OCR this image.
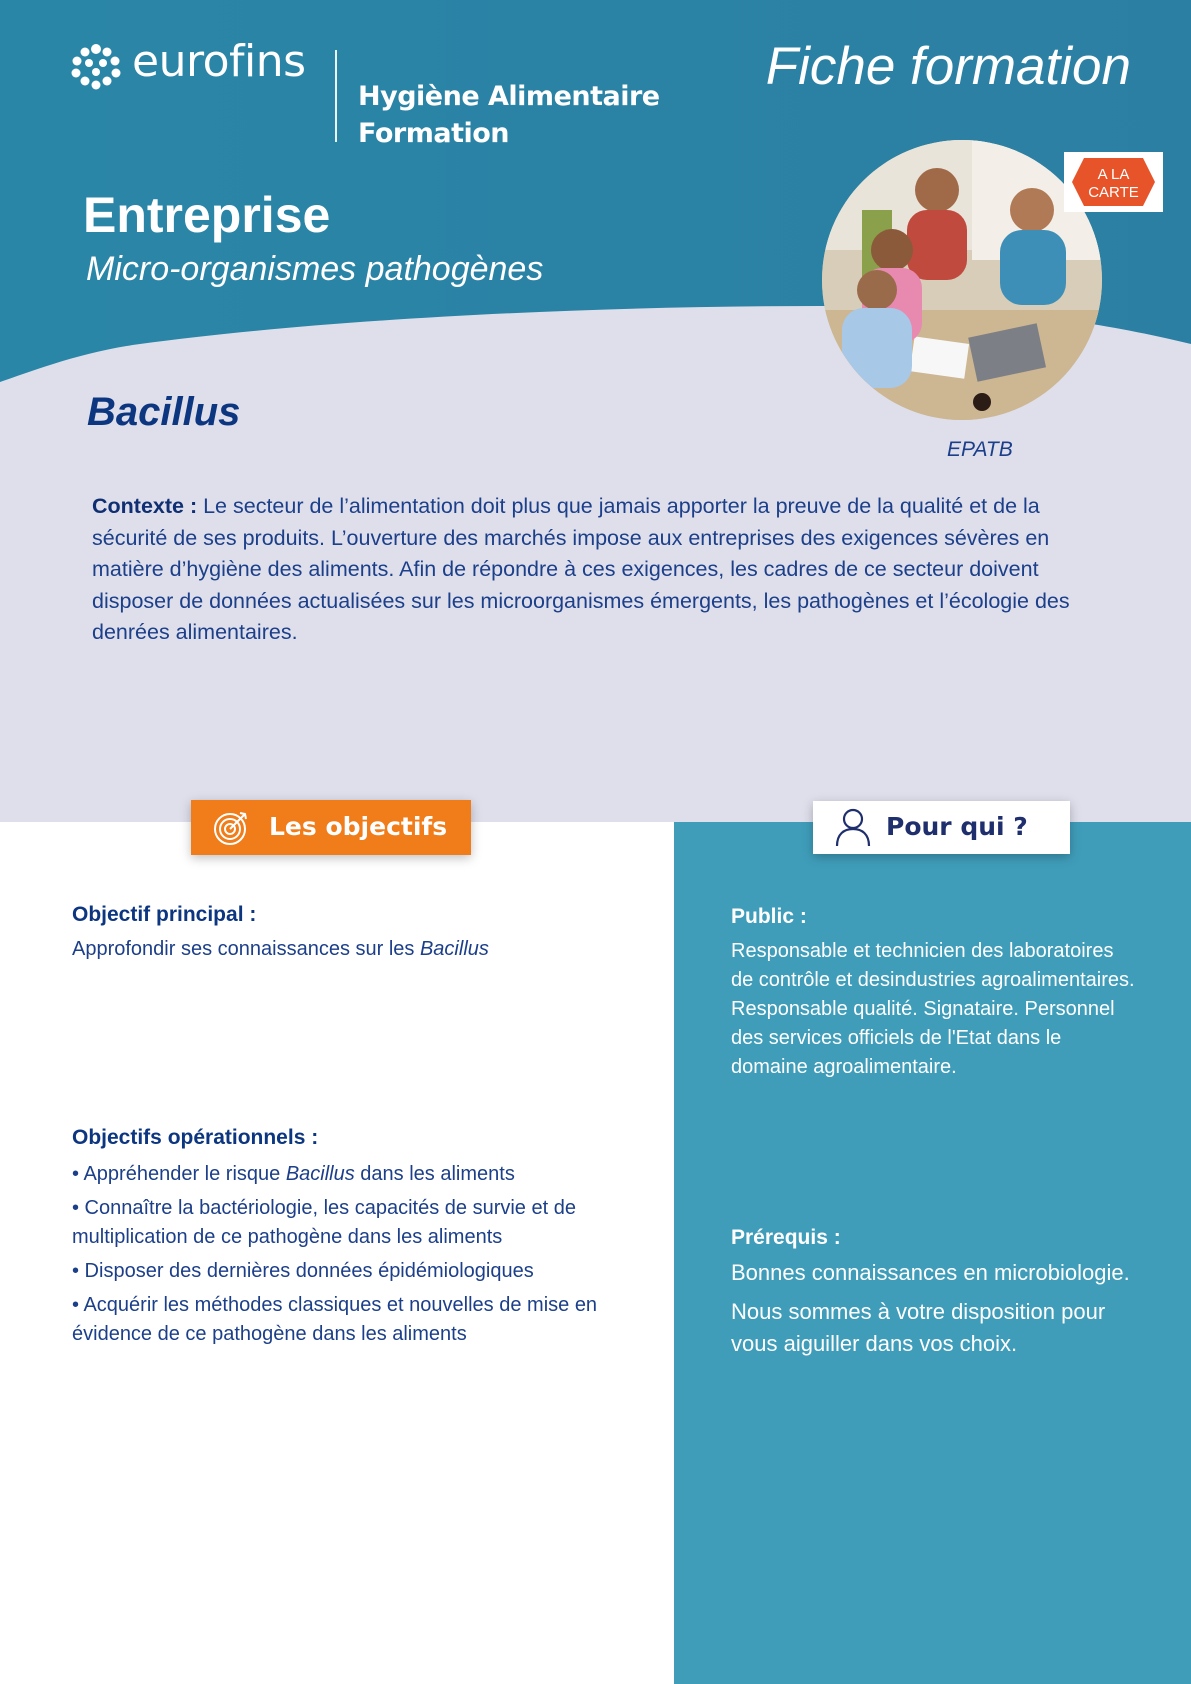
eurofins
Hygiène Alimentaire
Formation
Fiche formation
Entreprise
Micro-organismes pathogènes
A LA
CARTE
EPATB
Bacillus

Contexte : Le secteur de l’alimentation doit plus que jamais apporter la preuve de la qualité et de la sécurité de ses produits. L’ouverture des marchés impose aux entreprises des exigences sévères en matière d’hygiène des aliments. Afin de répondre à ces exigences, les cadres de ce secteur doivent disposer de données actualisées sur les microorganismes émergents, les pathogènes et l’écologie des denrées alimentaires.

Les objectifs	Pour qui ?
Objectif principal :
Approfondir ses connaissances sur les Bacillus
Objectifs opérationnels :
• Appréhender le risque Bacillus dans les aliments
• Connaître la bactériologie, les capacités de survie et de multiplication de ce pathogène dans les aliments
• Disposer des dernières données épidémiologiques
• Acquérir les méthodes classiques et nouvelles de mise en évidence de ce pathogène dans les aliments
Public :
Responsable et technicien des laboratoires de contrôle et desindustries agroalimentaires. Responsable qualité. Signataire. Personnel des services officiels de l'Etat dans le domaine agroalimentaire.
Prérequis :
Bonnes connaissances en microbiologie.
Nous sommes à votre disposition pour vous aiguiller dans vos choix.
